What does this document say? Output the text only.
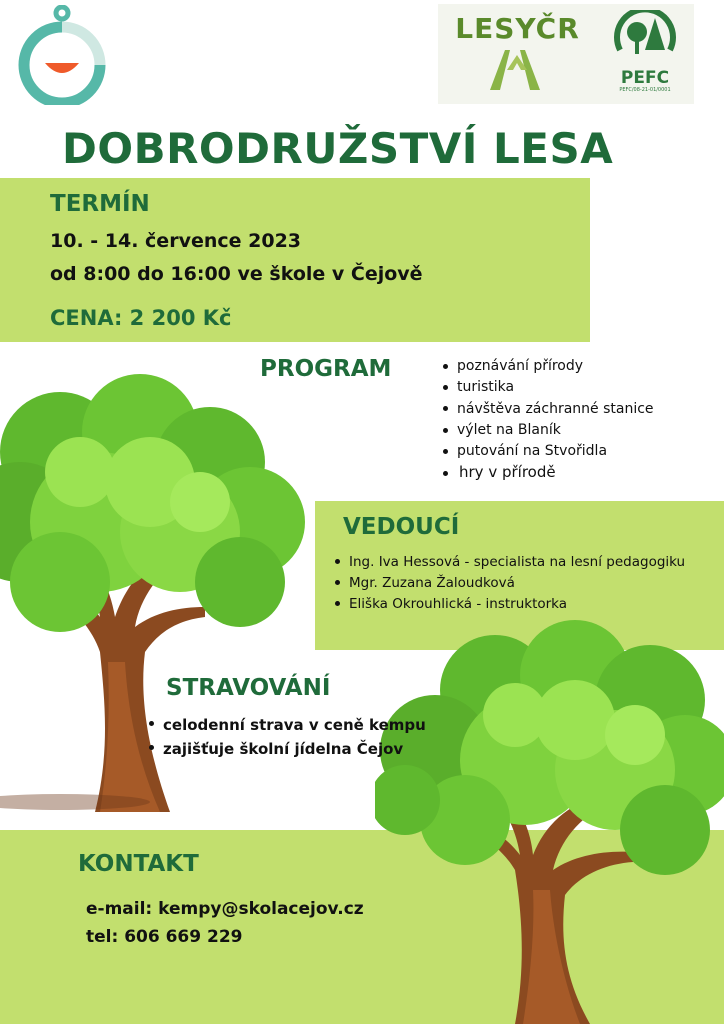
LESYČR
PEFC
PEFC/08-21-01/0001
DOBRODRUŽSTVÍ LESA
TERMÍN
10. - 14. července 2023
od 8:00 do 16:00 ve škole v Čejově
CENA: 2 200 Kč
PROGRAM	poznávání přírody
turistika
návštěva záchranné stanice
výlet na Blaník
putování na Stvořidla
hry v přírodě
VEDOUCÍ
Ing. Iva Hessová - specialista na lesní pedagogiku
Mgr. Zuzana Žaloudková
Eliška Okrouhlická - instruktorka
STRAVOVÁNÍ
celodenní strava v ceně kempu
zajišťuje školní jídelna Čejov
KONTAKT
e-mail: kempy@skolacejov.cz
tel: 606 669 229
